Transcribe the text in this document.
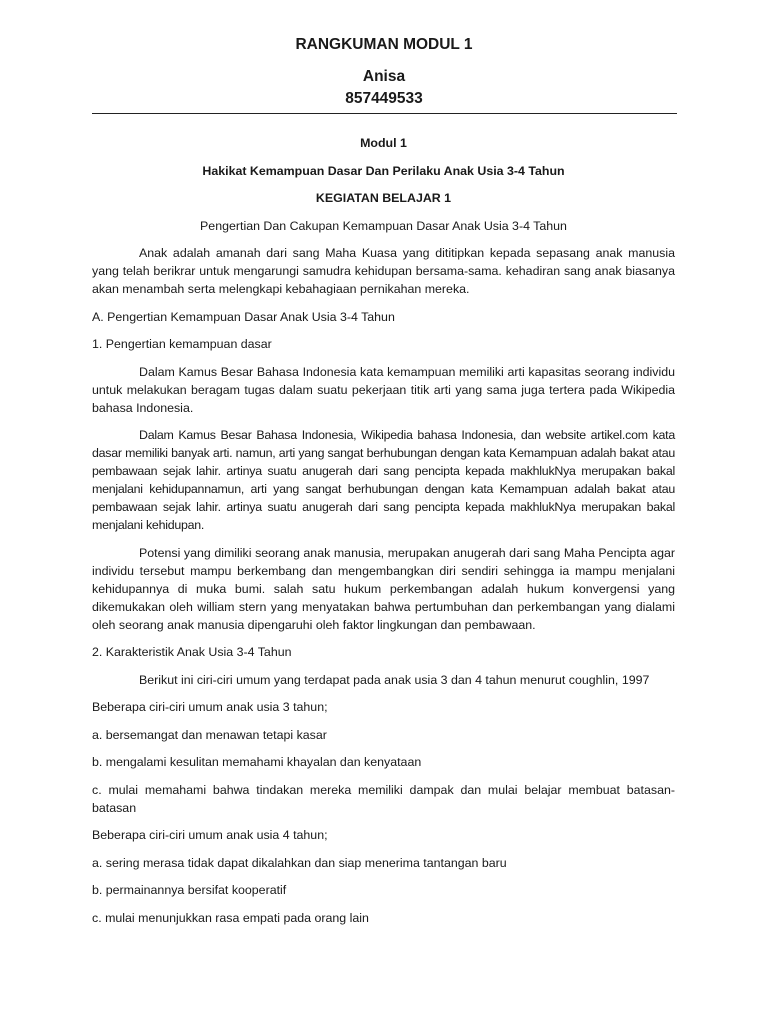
RANGKUMAN MODUL 1
Anisa
857449533

Modul 1

Hakikat Kemampuan Dasar Dan Perilaku Anak Usia 3-4 Tahun

KEGIATAN BELAJAR 1

Pengertian Dan Cakupan Kemampuan Dasar Anak Usia 3-4 Tahun

Anak adalah amanah dari sang Maha Kuasa yang dititipkan kepada sepasang anak manusia yang telah berikrar untuk mengarungi samudra kehidupan bersama-sama. kehadiran sang anak biasanya akan menambah serta melengkapi kebahagiaan pernikahan mereka.

A. Pengertian Kemampuan Dasar Anak Usia 3-4 Tahun

1. Pengertian kemampuan dasar

Dalam Kamus Besar Bahasa Indonesia kata kemampuan memiliki arti kapasitas seorang individu untuk melakukan beragam tugas dalam suatu pekerjaan titik arti yang sama juga tertera pada Wikipedia bahasa Indonesia.

Dalam Kamus Besar Bahasa Indonesia, Wikipedia bahasa Indonesia, dan website artikel.com kata dasar memiliki banyak arti. namun, arti yang sangat berhubungan dengan kata Kemampuan adalah bakat atau pembawaan sejak lahir. artinya suatu anugerah dari sang pencipta kepada makhlukNya merupakan bakal menjalani kehidupannamun, arti yang sangat berhubungan dengan kata Kemampuan adalah bakat atau pembawaan sejak lahir. artinya suatu anugerah dari sang pencipta kepada makhlukNya merupakan bakal menjalani kehidupan.

Potensi yang dimiliki seorang anak manusia, merupakan anugerah dari sang Maha Pencipta agar individu tersebut mampu berkembang dan mengembangkan diri sendiri sehingga ia mampu menjalani kehidupannya di muka bumi. salah satu hukum perkembangan adalah hukum konvergensi yang dikemukakan oleh william stern yang menyatakan bahwa pertumbuhan dan perkembangan yang dialami oleh seorang anak manusia dipengaruhi oleh faktor lingkungan dan pembawaan.

2. Karakteristik Anak Usia 3-4 Tahun

Berikut ini ciri-ciri umum yang terdapat pada anak usia 3 dan 4 tahun menurut coughlin, 1997

Beberapa ciri-ciri umum anak usia 3 tahun;

a. bersemangat dan menawan tetapi kasar

b. mengalami kesulitan memahami khayalan dan kenyataan

c. mulai memahami bahwa tindakan mereka memiliki dampak dan mulai belajar membuat batasan-batasan

Beberapa ciri-ciri umum anak usia 4 tahun;

a. sering merasa tidak dapat dikalahkan dan siap menerima tantangan baru

b. permainannya bersifat kooperatif

c. mulai menunjukkan rasa empati pada orang lain
